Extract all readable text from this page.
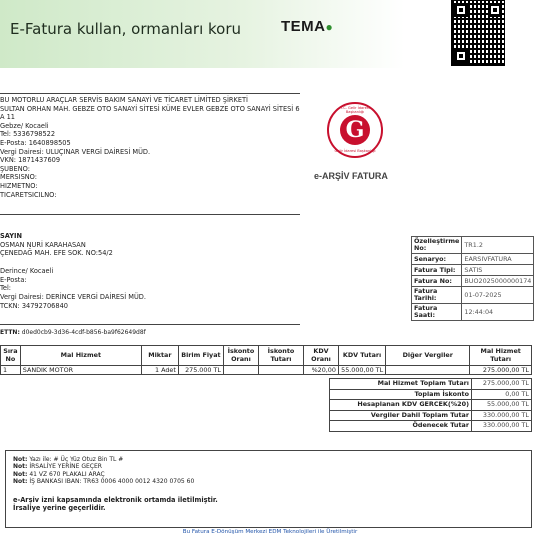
E-Fatura kullan, ormanları koru	TEMA●
BU MOTORLU ARAÇLAR SERVİS BAKIM SANAYİ VE TİCARET LİMİTED ŞİRKETİ
SULTAN ORHAN MAH. GEBZE OTO SANAYİ SİTESİ KÜME EVLER GEBZE OTO SANAYİ SİTESİ 6
A 11
Gebze/ Kocaeli
Tel: 5336798522
E-Posta: 1640898505
Vergi Dairesi: ULUÇINAR VERGİ DAİRESİ MÜD.
VKN: 1871437609
ŞUBENO:
MERSISNO:
HIZMETNO:
TICARETSICILNO:
T.C. Gelir İdaresi Başkanlığı
G
Gelir İdaresi Başkanlığı
e-ARŞİV FATURA
SAYIN
OSMAN NURİ KARAHASAN
ÇENEDAĞ MAH. EFE SOK. NO:54/2

Derince/ Kocaeli
E-Posta:
Tel:
Vergi Dairesi: DERİNCE VERGİ DAİRESİ MÜD.
TCKN: 34792706840
Özelleştirme No:	TR1.2
Senaryo:	EARSIVFATURA
Fatura Tipi:	SATIS
Fatura No:	BUO2025000000174
Fatura Tarihi:	01-07-2025
Fatura Saati:	12:44:04
ETTN: d0ed0cb9-3d36-4cdf-b856-ba9f62649d8f
Sıra No	Mal Hizmet	Miktar	Birim Fiyat	İskonto Oranı	İskonto Tutarı	KDV Oranı	KDV Tutarı	Diğer Vergiler	Mal Hizmet Tutarı
1	SANDIK MOTOR	1 Adet	275.000 TL			%20,00	55.000,00 TL		275.000,00 TL
Mal Hizmet Toplam Tutarı	275.000,00 TL
Toplam İskonto	0,00 TL
Hesaplanan KDV GERCEK(%20)	55.000,00 TL
Vergiler Dahil Toplam Tutar	330.000,00 TL
Ödenecek Tutar	330.000,00 TL
Not: Yazı ile: # Üç Yüz Otuz Bin TL #
Not: İRSALİYE YERİNE GEÇER
Not: 41 VZ 670 PLAKALI ARAÇ
Not: İŞ BANKASI IBAN: TR63 0006 4000 0012 4320 0705 60

e-Arşiv izni kapsamında elektronik ortamda iletilmiştir.
İrsaliye yerine geçerlidir.
Bu Fatura E-Dönüşüm Merkezi EDM Teknolojileri ile Üretilmiştir
